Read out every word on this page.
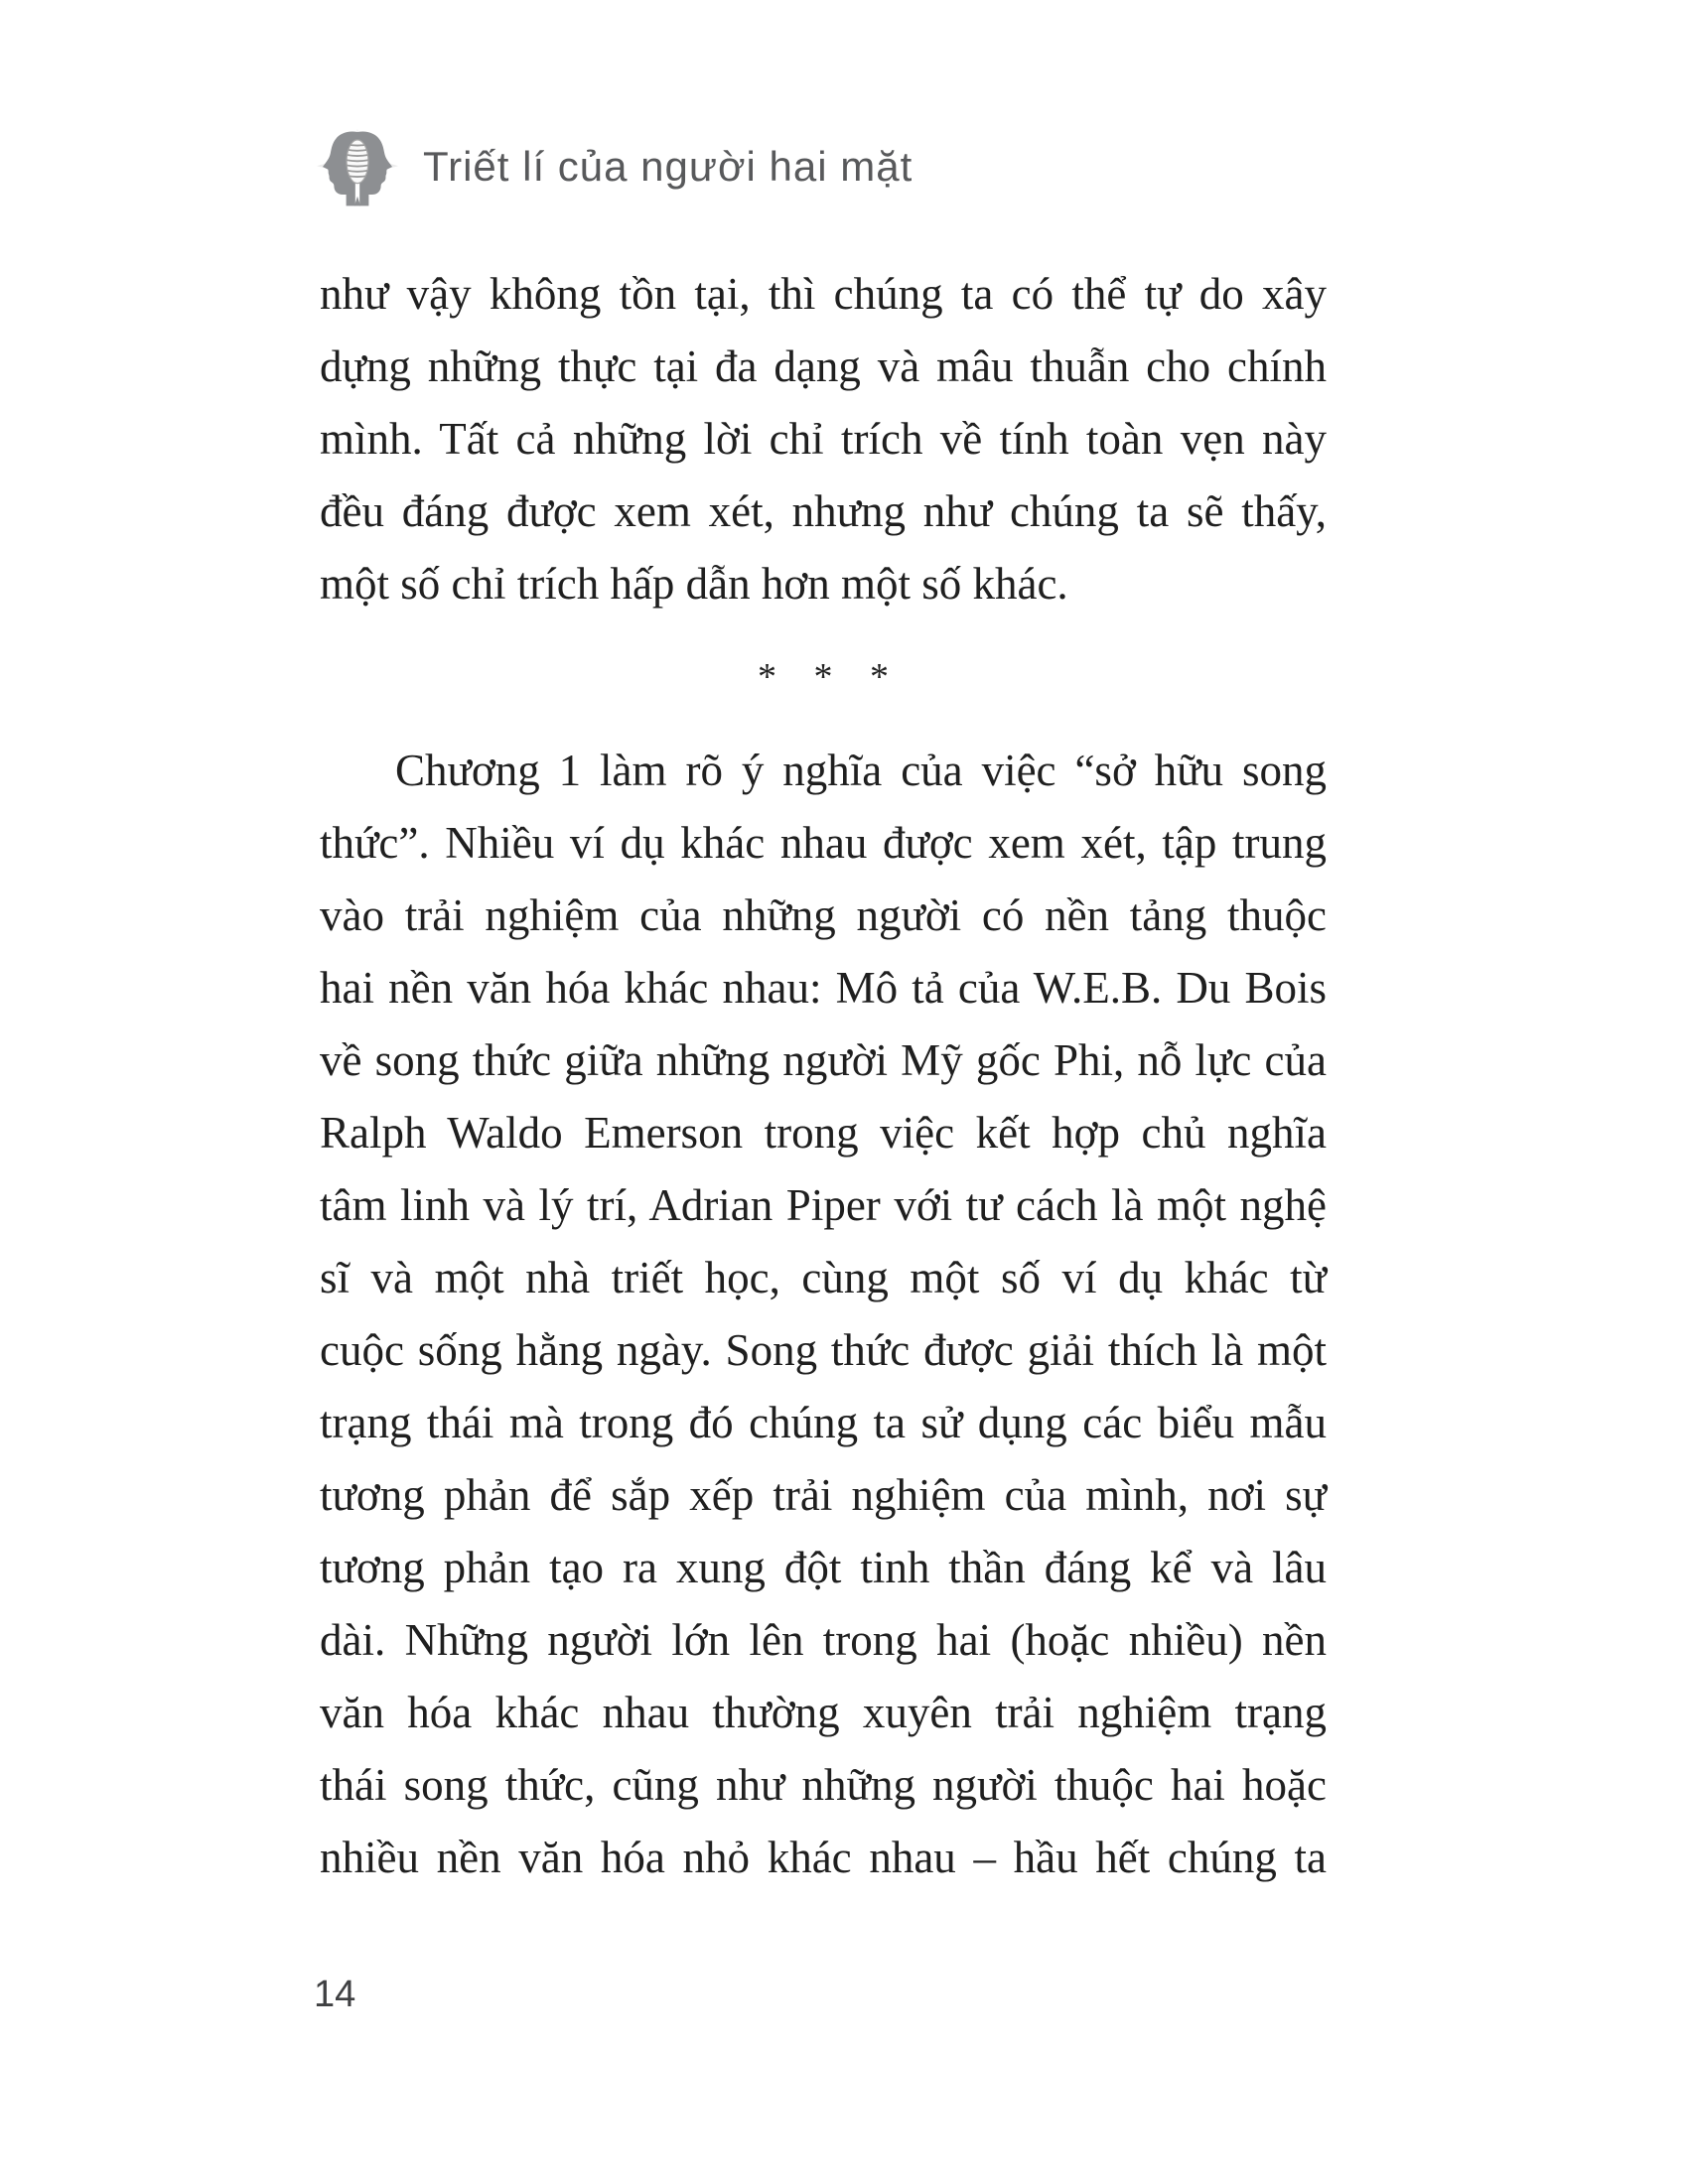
Triết lí của người hai mặt
như vậy không tồn tại, thì chúng ta có thể tự do xây
dựng những thực tại đa dạng và mâu thuẫn cho chính
mình. Tất cả những lời chỉ trích về tính toàn vẹn này
đều đáng được xem xét, nhưng như chúng ta sẽ thấy,
một số chỉ trích hấp dẫn hơn một số khác.
* * *
Chương 1 làm rõ ý nghĩa của việc “sở hữu song
thức”. Nhiều ví dụ khác nhau được xem xét, tập trung
vào trải nghiệm của những người có nền tảng thuộc
hai nền văn hóa khác nhau: Mô tả của W.E.B. Du Bois
về song thức giữa những người Mỹ gốc Phi, nỗ lực của
Ralph Waldo Emerson trong việc kết hợp chủ nghĩa
tâm linh và lý trí, Adrian Piper với tư cách là một nghệ
sĩ và một nhà triết học, cùng một số ví dụ khác từ
cuộc sống hằng ngày. Song thức được giải thích là một
trạng thái mà trong đó chúng ta sử dụng các biểu mẫu
tương phản để sắp xếp trải nghiệm của mình, nơi sự
tương phản tạo ra xung đột tinh thần đáng kể và lâu
dài. Những người lớn lên trong hai (hoặc nhiều) nền
văn hóa khác nhau thường xuyên trải nghiệm trạng
thái song thức, cũng như những người thuộc hai hoặc
nhiều nền văn hóa nhỏ khác nhau – hầu hết chúng ta
14
